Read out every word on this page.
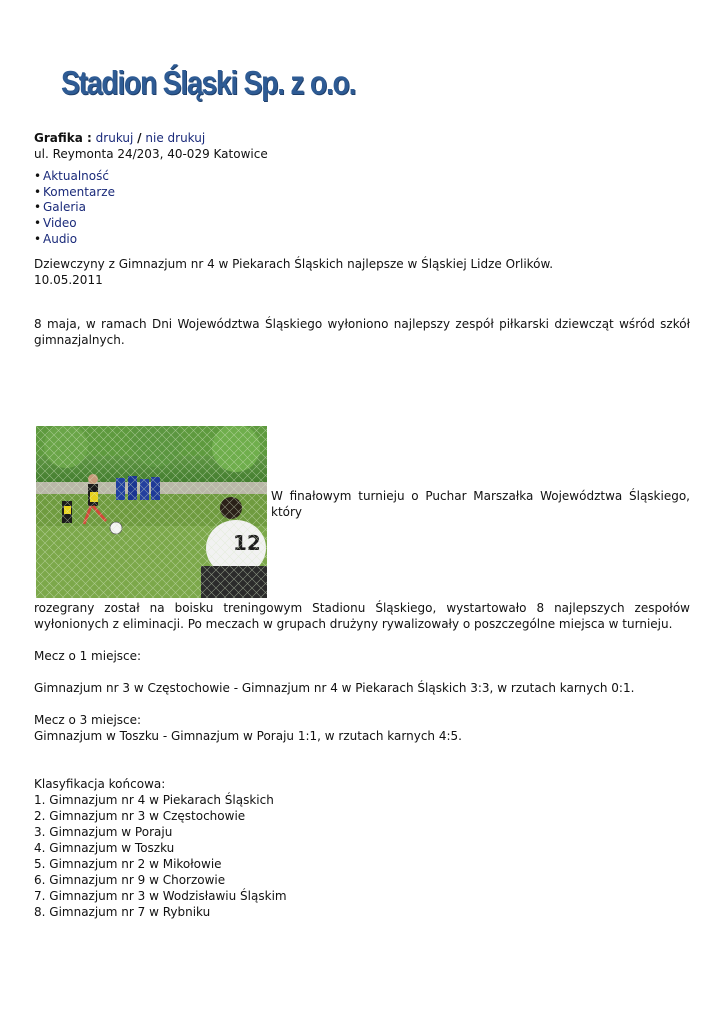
Stadion Śląski Sp. z o.o.
Grafika : drukuj / nie drukuj
ul. Reymonta 24/203, 40-029 Katowice
• Aktualność
• Komentarze
• Galeria
• Video
• Audio
Dziewczyny z Gimnazjum nr 4 w Piekarach Śląskich najlepsze w Śląskiej Lidze Orlików.
10.05.2011
8 maja, w ramach Dni Województwa Śląskiego wyłoniono najlepszy zespół piłkarski dziewcząt wśród szkół gimnazjalnych.
W finałowym turnieju o Puchar Marszałka Województwa Śląskiego, który
rozegrany został na boisku treningowym Stadionu Śląskiego, wystartowało 8 najlepszych zespołów wyłonionych z eliminacji. Po meczach w grupach drużyny rywalizowały o poszczególne miejsca w turnieju.
Mecz o 1 miejsce:
Gimnazjum nr 3 w Częstochowie - Gimnazjum nr 4 w Piekarach Śląskich 3:3, w rzutach karnych 0:1.
Mecz o 3 miejsce:
Gimnazjum w Toszku - Gimnazjum w Poraju 1:1, w rzutach karnych 4:5.
Klasyfikacja końcowa:
1. Gimnazjum nr 4 w Piekarach Śląskich
2. Gimnazjum nr 3 w Częstochowie
3. Gimnazjum w Poraju
4. Gimnazjum w Toszku
5. Gimnazjum nr 2 w Mikołowie
6. Gimnazjum nr 9 w Chorzowie
7. Gimnazjum nr 3 w Wodzisławiu Śląskim
8. Gimnazjum nr 7 w Rybniku
